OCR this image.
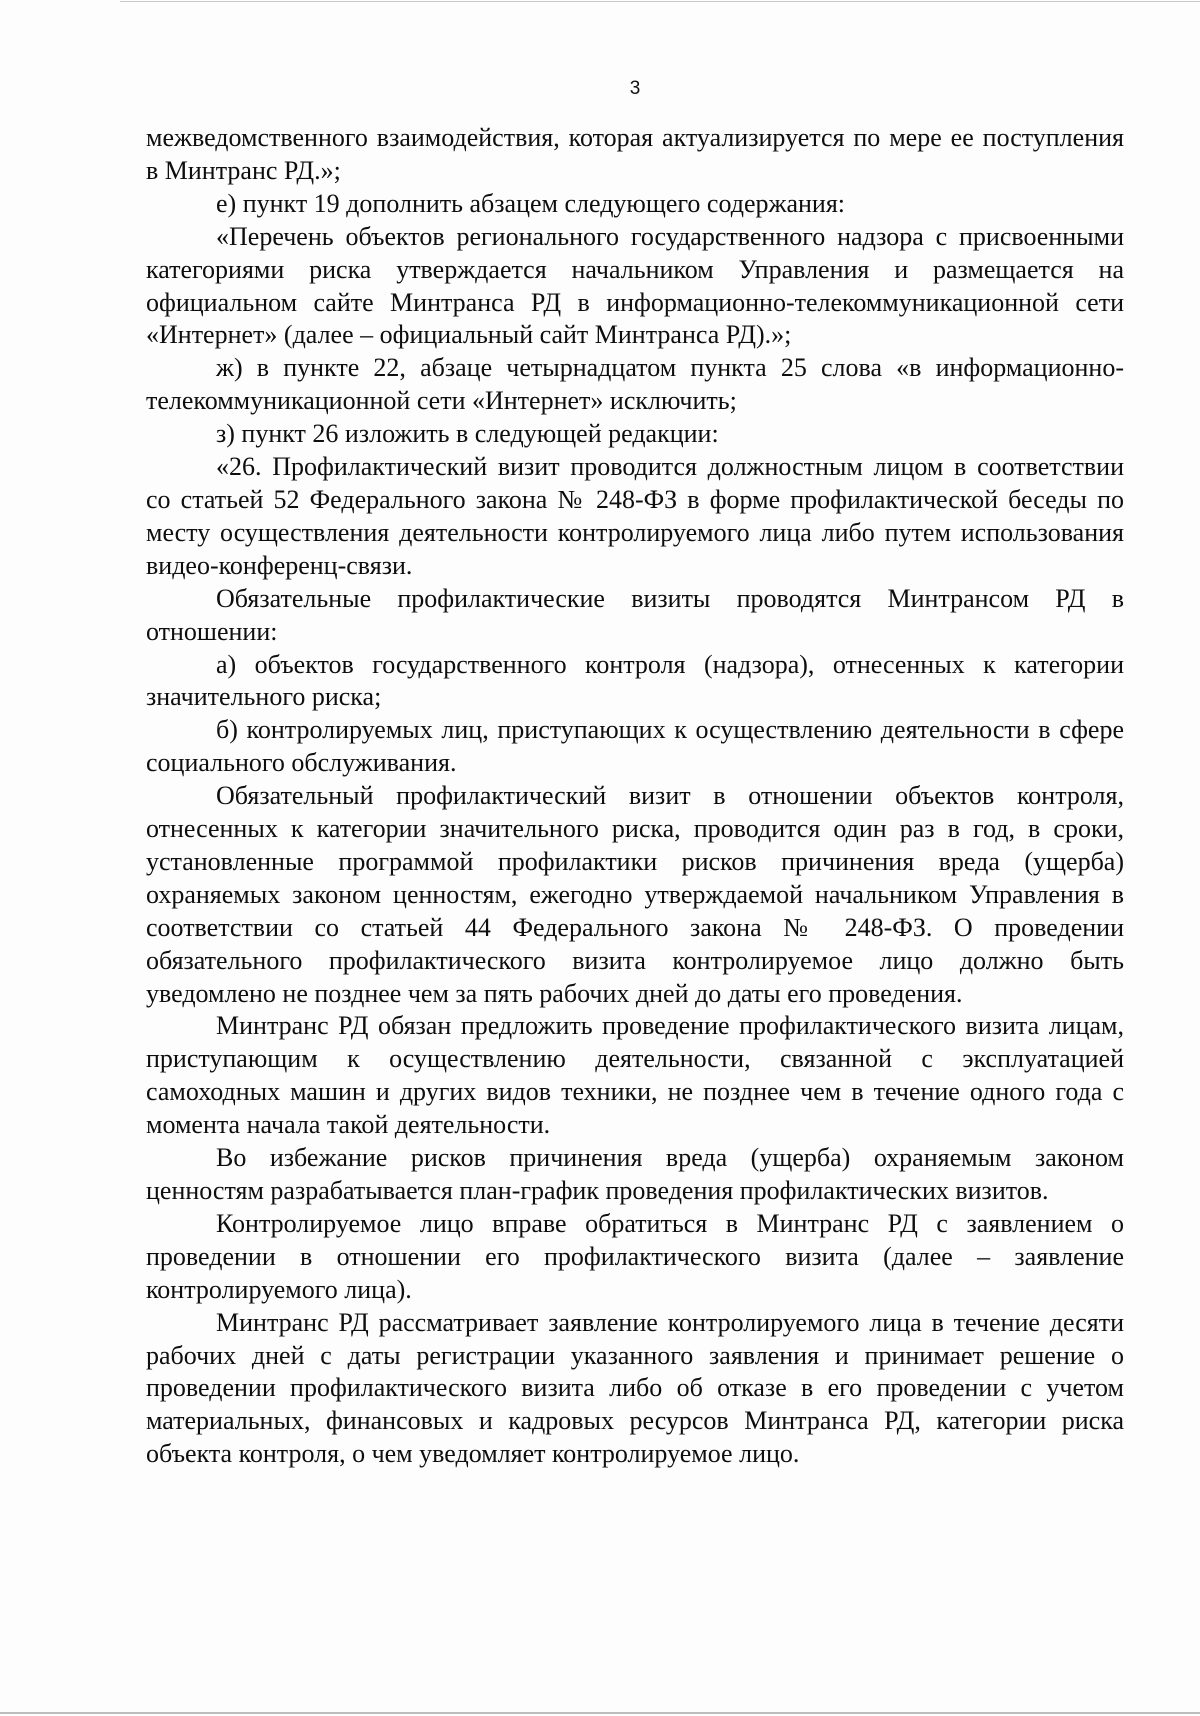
3

межведомственного взаимодействия, которая актуализируется по мере ее поступления в Минтранс РД.»;

е) пункт 19 дополнить абзацем следующего содержания:

«Перечень объектов регионального государственного надзора с присвоенными категориями риска утверждается начальником Управления и размещается на официальном сайте Минтранса РД в информационно-телекоммуникационной сети «Интернет» (далее – официальный сайт Минтранса РД).»;

ж) в пункте 22, абзаце четырнадцатом пункта 25 слова «в информационно-телекоммуникационной сети «Интернет» исключить;

з) пункт 26 изложить в следующей редакции:

«26. Профилактический визит проводится должностным лицом в соответствии со статьей 52 Федерального закона № 248-ФЗ в форме профилактической беседы по месту осуществления деятельности контролируемого лица либо путем использования видео-конференц-связи.

Обязательные профилактические визиты проводятся Минтрансом РД в отношении:

а) объектов государственного контроля (надзора), отнесенных к категории значительного риска;

б) контролируемых лиц, приступающих к осуществлению деятельности в сфере социального обслуживания.

Обязательный профилактический визит в отношении объектов контроля, отнесенных к категории значительного риска, проводится один раз в год, в сроки, установленные программой профилактики рисков причинения вреда (ущерба) охраняемых законом ценностям, ежегодно утверждаемой начальником Управления в соответствии со статьей 44 Федерального закона № 248-ФЗ. О проведении обязательного профилактического визита контролируемое лицо должно быть уведомлено не позднее чем за пять рабочих дней до даты его проведения.

Минтранс РД обязан предложить проведение профилактического визита лицам, приступающим к осуществлению деятельности, связанной с эксплуатацией самоходных машин и других видов техники, не позднее чем в течение одного года с момента начала такой деятельности.

Во избежание рисков причинения вреда (ущерба) охраняемым законом ценностям разрабатывается план-график проведения профилактических визитов.

Контролируемое лицо вправе обратиться в Минтранс РД с заявлением о проведении в отношении его профилактического визита (далее – заявление контролируемого лица).

Минтранс РД рассматривает заявление контролируемого лица в течение десяти рабочих дней с даты регистрации указанного заявления и принимает решение о проведении профилактического визита либо об отказе в его проведении с учетом материальных, финансовых и кадровых ресурсов Минтранса РД, категории риска объекта контроля, о чем уведомляет контролируемое лицо.
